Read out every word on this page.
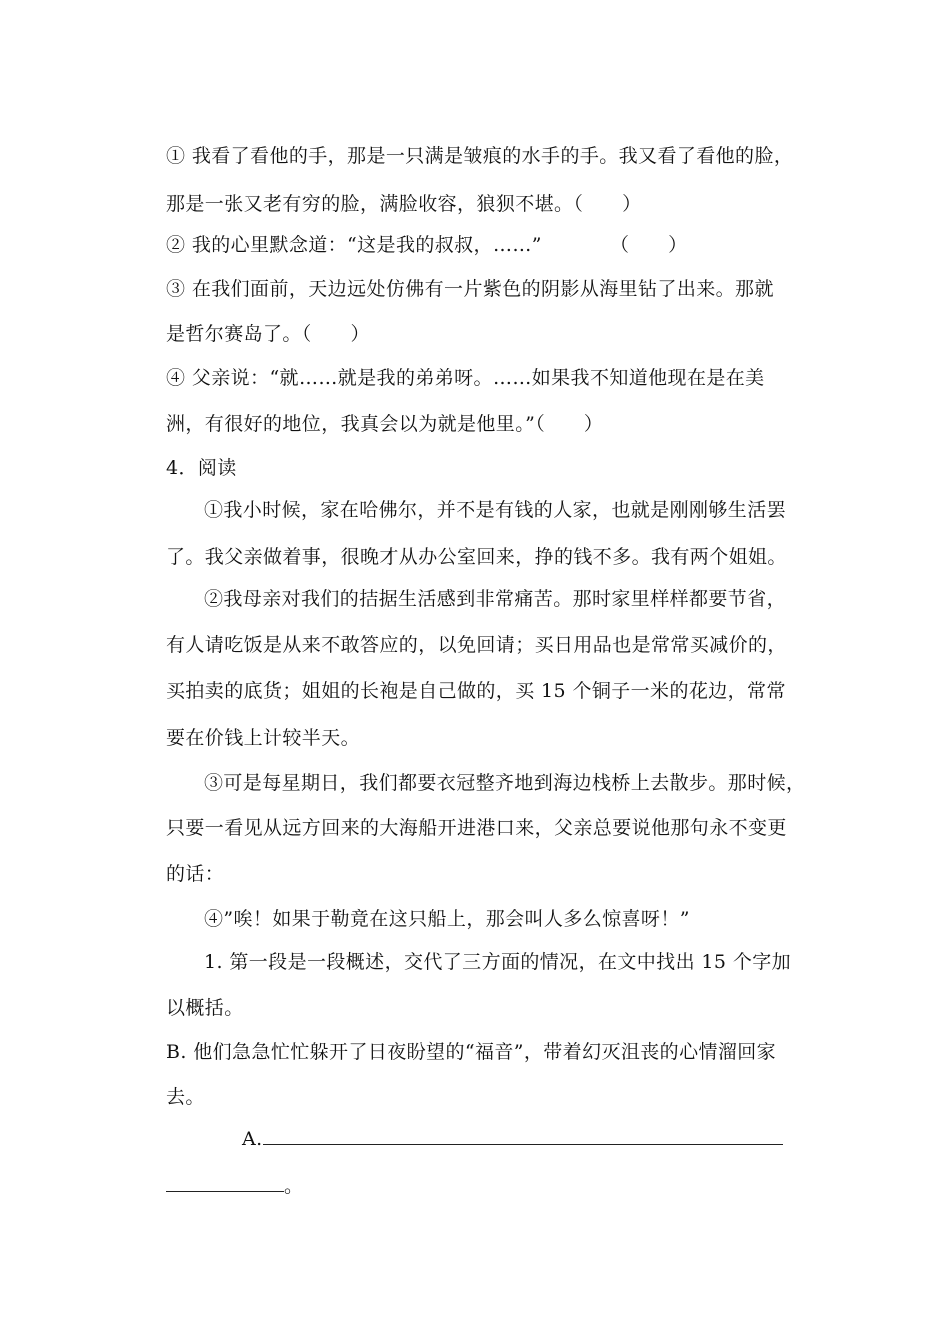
① 我看了看他的手，那是一只满是皱痕的水手的手。我又看了看他的脸，
那是一张又老有穷的脸，满脸收容，狼狈不堪。（　　）
② 我的心里默念道：“这是我的叔叔，……”　　　　（　　）
③ 在我们面前，天边远处仿佛有一片紫色的阴影从海里钻了出来。那就
是哲尔赛岛了。（　　）
④ 父亲说：“就……就是我的弟弟呀。……如果我不知道他现在是在美
洲，有很好的地位，我真会以为就是他里。”（　　）
4．阅读
①我小时候，家在哈佛尔，并不是有钱的人家，也就是刚刚够生活罢
了。我父亲做着事，很晚才从办公室回来，挣的钱不多。我有两个姐姐。
②我母亲对我们的拮据生活感到非常痛苦。那时家里样样都要节省，
有人请吃饭是从来不敢答应的，以免回请；买日用品也是常常买减价的，
买拍卖的底货；姐姐的长袍是自己做的，买 15 个铜子一米的花边，常常
要在价钱上计较半天。
③可是每星期日，我们都要衣冠整齐地到海边栈桥上去散步。那时候，
只要一看见从远方回来的大海船开进港口来，父亲总要说他那句永不变更
的话：
④”唉！如果于勒竟在这只船上，那会叫人多么惊喜呀！”
1. 第一段是一段概述，交代了三方面的情况，在文中找出 15 个字加
以概括。
B. 他们急急忙忙躲开了日夜盼望的“福音”，带着幻灭沮丧的心情溜回家
去。
A.
。
